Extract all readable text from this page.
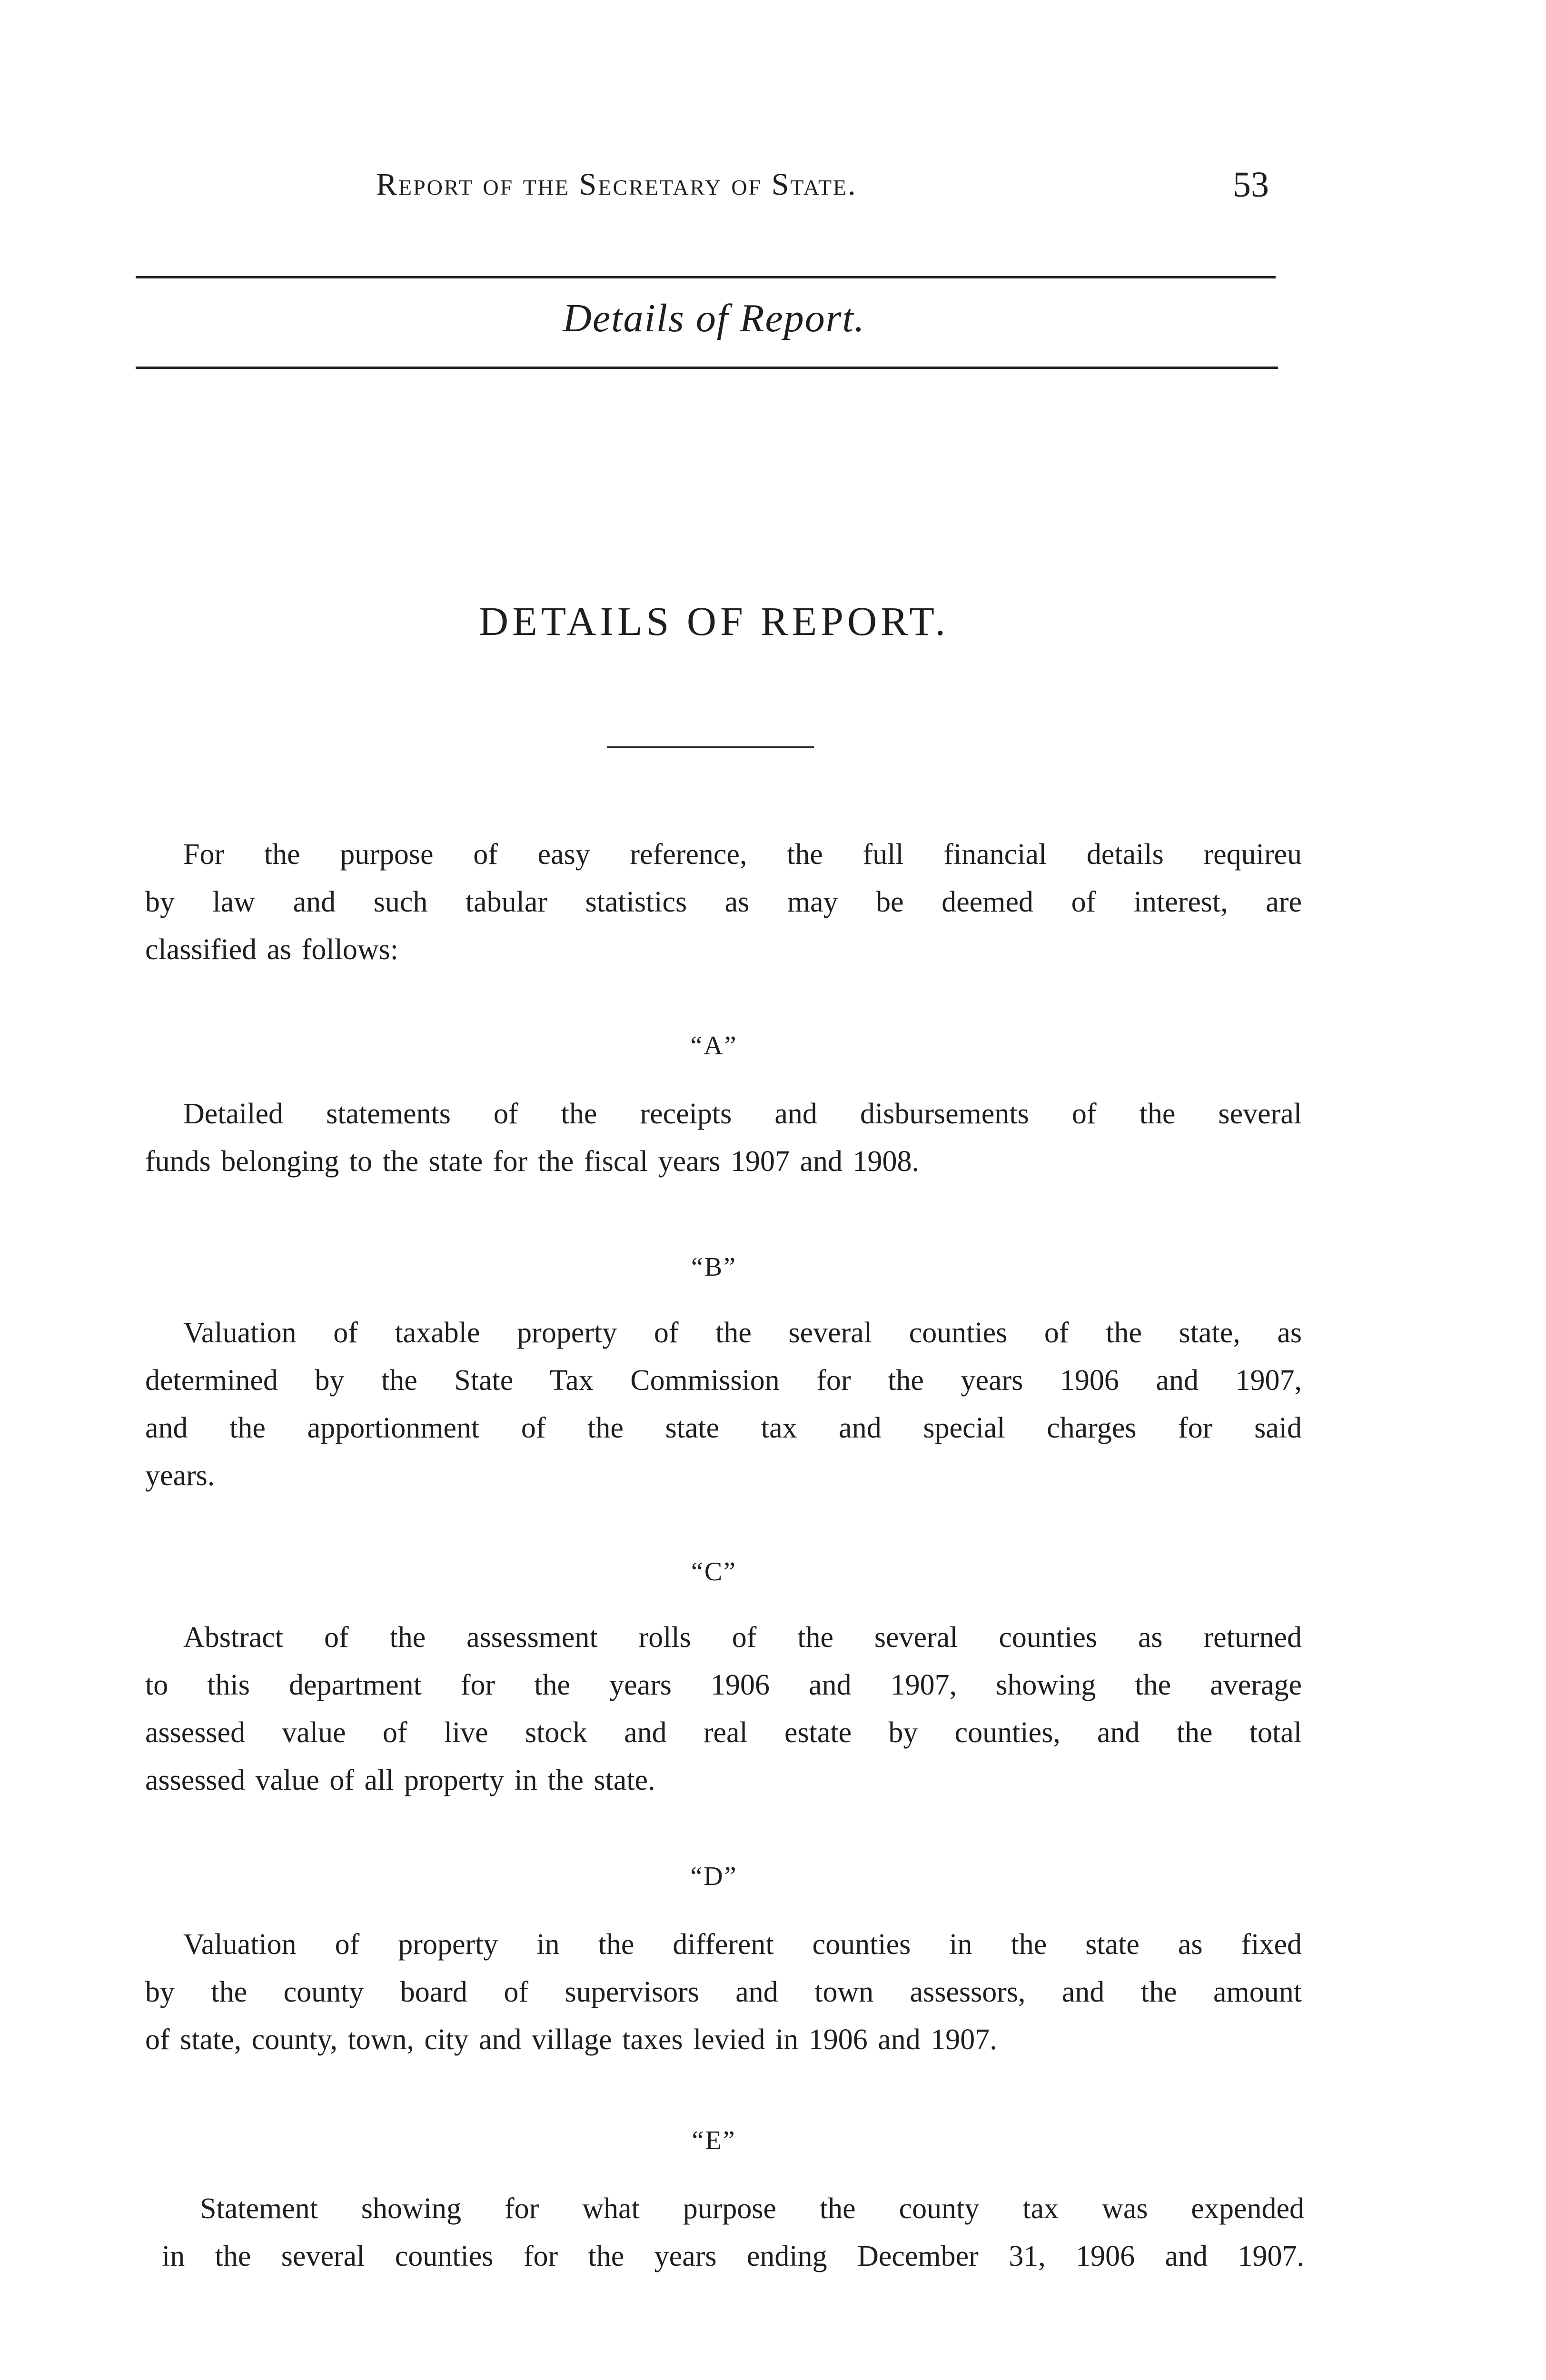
Report of the Secretary of State.	53
Details of Report.
DETAILS OF REPORT.
For the purpose of easy reference, the full financial details requireu
by law and such tabular statistics as may be deemed of interest, are
classified as follows:
“A”
Detailed statements of the receipts and disbursements of the several
funds belonging to the state for the fiscal years 1907 and 1908.
“B”
Valuation of taxable property of the several counties of the state, as
determined by the State Tax Commission for the years 1906 and 1907,
and the apportionment of the state tax and special charges for said
years.
“C”
Abstract of the assessment rolls of the several counties as returned
to this department for the years 1906 and 1907, showing the average
assessed value of live stock and real estate by counties, and the total
assessed value of all property in the state.
“D”
Valuation of property in the different counties in the state as fixed
by the county board of supervisors and town assessors, and the amount
of state, county, town, city and village taxes levied in 1906 and 1907.
“E”
Statement showing for what purpose the county tax was expended
in the several counties for the years ending December 31, 1906 and 1907.
